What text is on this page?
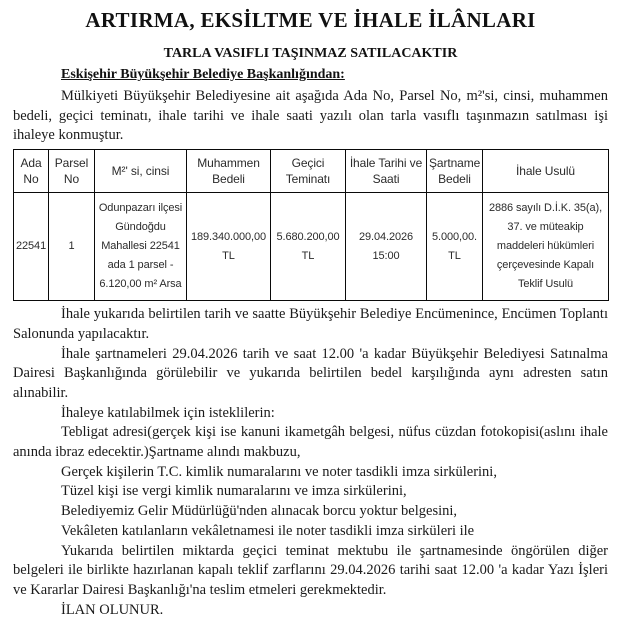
ARTIRMA, EKSİLTME VE İHALE İLÂNLARI
TARLA VASIFLI TAŞINMAZ SATILACAKTIR
Eskişehir Büyükşehir Belediye Başkanlığından:

Mülkiyeti Büyükşehir Belediyesine ait aşağıda Ada No, Parsel No, m²'si, cinsi, muhammen bedeli, geçici teminatı, ihale tarihi ve ihale saati yazılı olan tarla vasıflı taşınmazın satılması işi ihaleye konmuştur.

Ada No	Parsel No	M²' si, cinsi	Muhammen Bedeli	Geçici Teminatı	İhale Tarihi ve Saati	Şartname Bedeli	İhale Usulü
22541	1	Odunpazarı ilçesi Gündoğdu Mahallesi 22541 ada 1 parsel - 6.120,00 m² Arsa	189.340.000,00 TL	5.680.200,00 TL	29.04.2026 15:00	5.000,00. TL	2886 sayılı D.İ.K. 35(a), 37. ve müteakip maddeleri hükümleri çerçevesinde Kapalı Teklif Usulü

İhale yukarıda belirtilen tarih ve saatte Büyükşehir Belediye Encümenince, Encümen Toplantı Salonunda yapılacaktır.

İhale şartnameleri 29.04.2026 tarih ve saat 12.00 'a kadar Büyükşehir Belediyesi Satınalma Dairesi Başkanlığında görülebilir ve yukarıda belirtilen bedel karşılığında aynı adresten satın alınabilir.

İhaleye katılabilmek için isteklilerin:

Tebligat adresi(gerçek kişi ise kanuni ikametgâh belgesi, nüfus cüzdan fotokopisi(aslını ihale anında ibraz edecektir.)Şartname alındı makbuzu,

Gerçek kişilerin T.C. kimlik numaralarını ve noter tasdikli imza sirkülerini,

Tüzel kişi ise vergi kimlik numaralarını ve imza sirkülerini,

Belediyemiz Gelir Müdürlüğü'nden alınacak borcu yoktur belgesini,

Vekâleten katılanların vekâletnamesi ile noter tasdikli imza sirküleri ile

Yukarıda belirtilen miktarda geçici teminat mektubu ile şartnamesinde öngörülen diğer belgeleri ile birlikte hazırlanan kapalı teklif zarflarını 29.04.2026 tarihi saat 12.00 'a kadar Yazı İşleri ve Kararlar Dairesi Başkanlığı'na teslim etmeleri gerekmektedir.

İLAN OLUNUR.
